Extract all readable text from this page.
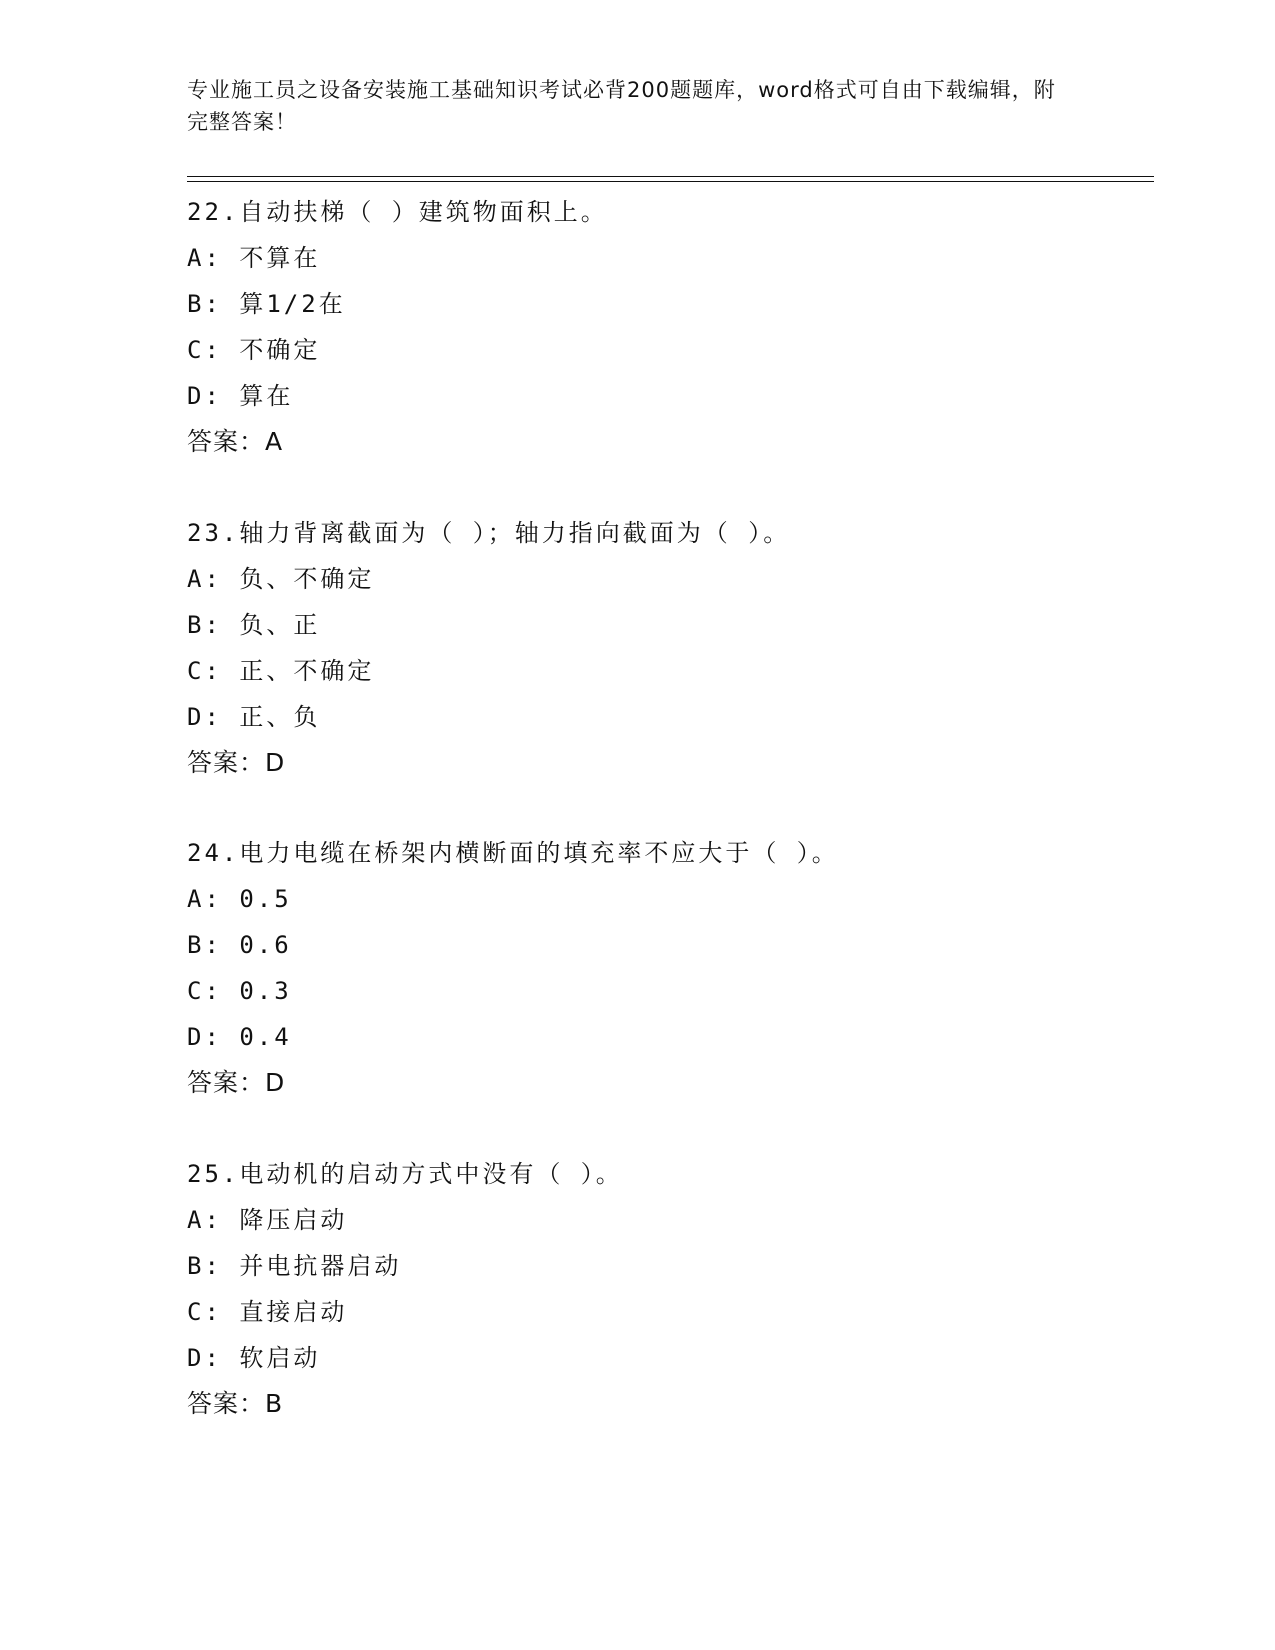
专业施工员之设备安装施工基础知识考试必背200题题库，word格式可自由下载编辑，附完整答案！
22.自动扶梯（ ）建筑物面积上。
A: 不算在
B: 算1/2在
C: 不确定
D: 算在
答案：A
23.轴力背离截面为（ ）；轴力指向截面为（ ）。
A: 负、不确定
B: 负、正
C: 正、不确定
D: 正、负
答案：D
24.电力电缆在桥架内横断面的填充率不应大于（ ）。
A: 0.5
B: 0.6
C: 0.3
D: 0.4
答案：D
25.电动机的启动方式中没有（ ）。
A: 降压启动
B: 并电抗器启动
C: 直接启动
D: 软启动
答案：B
